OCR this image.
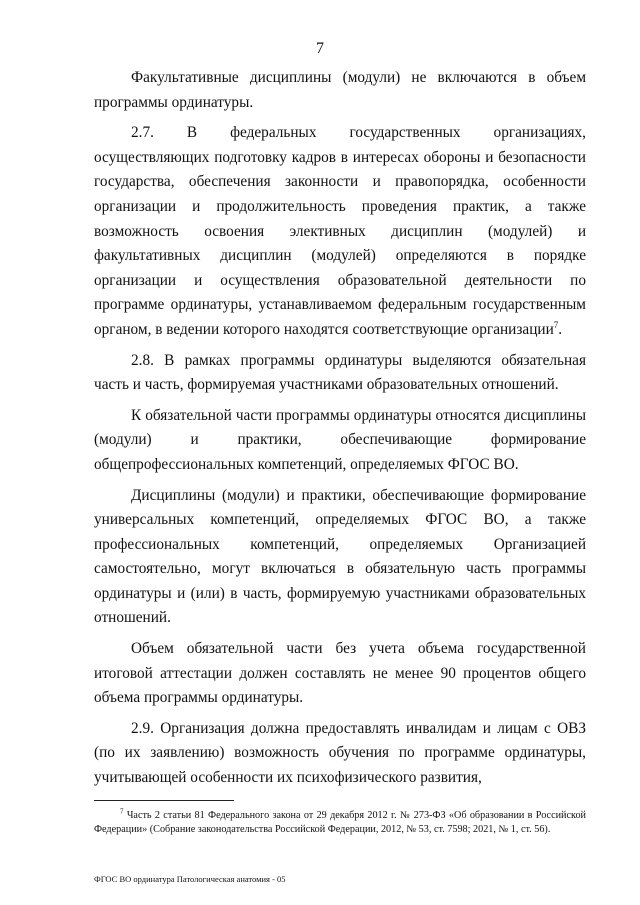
7

Факультативные дисциплины (модули) не включаются в объем программы ординатуры.

2.7. В федеральных государственных организациях, осуществляющих подготовку кадров в интересах обороны и безопасности государства, обеспечения законности и правопорядка, особенности организации и продолжительность проведения практик, а также возможность освоения элективных дисциплин (модулей) и факультативных дисциплин (модулей) определяются в порядке организации и осуществления образовательной деятельности по программе ординатуры, устанавливаемом федеральным государственным органом, в ведении которого находятся соответствующие организации$^7$.

2.8. В рамках программы ординатуры выделяются обязательная часть и часть, формируемая участниками образовательных отношений.

К обязательной части программы ординатуры относятся дисциплины (модули) и практики, обеспечивающие формирование общепрофессиональных компетенций, определяемых ФГОС ВО.

Дисциплины (модули) и практики, обеспечивающие формирование универсальных компетенций, определяемых ФГОС ВО, а также профессиональных компетенций, определяемых Организацией самостоятельно, могут включаться в обязательную часть программы ординатуры и (или) в часть, формируемую участниками образовательных отношений.

Объем обязательной части без учета объема государственной итоговой аттестации должен составлять не менее 90 процентов общего объема программы ординатуры.

2.9. Организация должна предоставлять инвалидам и лицам с ОВЗ (по их заявлению) возможность обучения по программе ординатуры, учитывающей особенности их психофизического развития,

$^7$ Часть 2 статьи 81 Федерального закона от 29 декабря 2012 г. № 273-ФЗ «Об образовании в Российской Федерации» (Собрание законодательства Российской Федерации, 2012, № 53, ст. 7598; 2021, № 1, ст. 56).
ФГОС ВО ординатура Патологическая анатомия - 05
